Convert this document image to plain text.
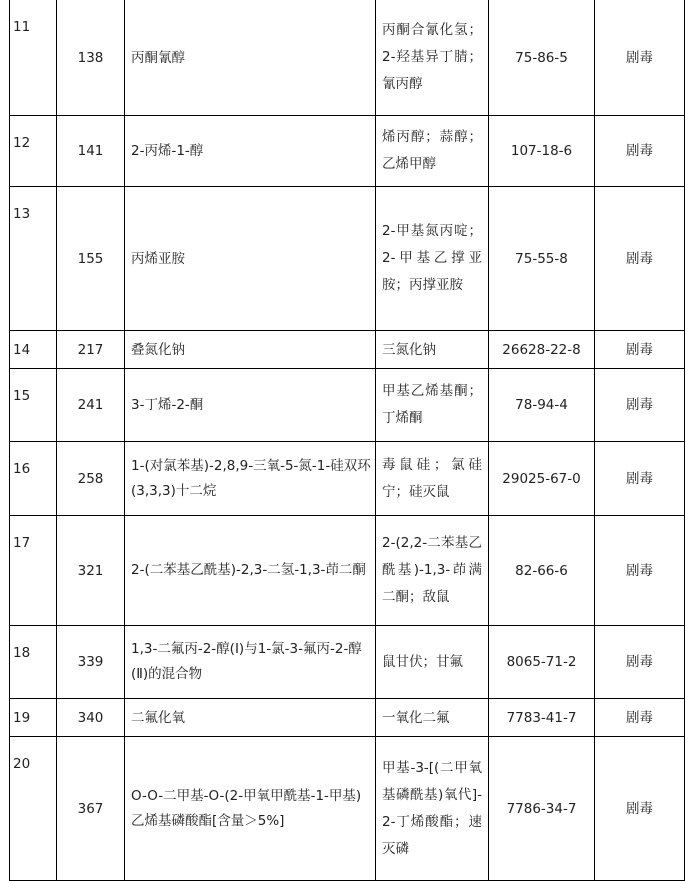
11	138	丙酮氰醇	丙酮合氰化氢；2-羟基异丁腈；氰丙醇	75-86-5	剧毒
12	141	2-丙烯-1-醇	烯丙醇；蒜醇；乙烯甲醇	107-18-6	剧毒
13	155	丙烯亚胺	2-甲基氮丙啶；2-甲基乙撑亚胺；丙撑亚胺	75-55-8	剧毒
14	217	叠氮化钠	三氮化钠	26628-22-8	剧毒
15	241	3-丁烯-2-酮	甲基乙烯基酮；丁烯酮	78-94-4	剧毒
16	258	1-(对氯苯基)-2,8,9-三氧-5-氮-1-硅双环(3,3,3)十二烷	毒鼠硅；氯硅宁；硅灭鼠	29025-67-0	剧毒
17	321	2-(二苯基乙酰基)-2,3-二氢-1,3-茚二酮	2-(2,2-二苯基乙酰基)-1,3-茚满二酮；敌鼠	82-66-6	剧毒
18	339	1,3-二氟丙-2-醇(Ⅰ)与1-氯-3-氟丙-2-醇(Ⅱ)的混合物	鼠甘伏；甘氟	8065-71-2	剧毒
19	340	二氟化氧	一氧化二氟	7783-41-7	剧毒
20	367	O-O-二甲基-O-(2-甲氧甲酰基-1-甲基)乙烯基磷酸酯[含量＞5%]	甲基-3-[(二甲氧基磷酰基)氧代]-2-丁烯酸酯；速灭磷	7786-34-7	剧毒
